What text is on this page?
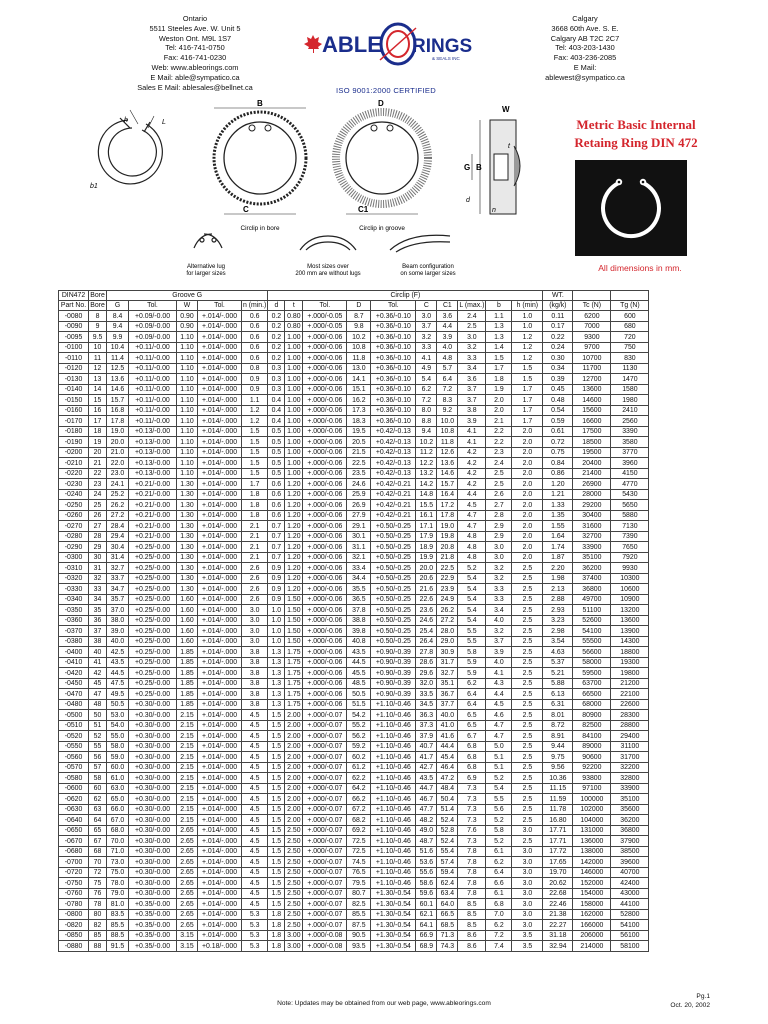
Ontario
5511 Steeles Ave. W. Unit 5
Weston Ont. M9L 1S7
Tel: 416-741-0750
Fax: 416-741-0230
Web: www.ableorings.com
E Mail: able@sympatico.ca
Sales E Mail: ablesales@bellnet.ca
ABLE RINGS
& SEALS INC
ISO 9001:2000 CERTIFIED
Calgary
3668 60th Ave. S. E.
Calgary AB T2C 2C7
Tel: 403-203-1430
Fax: 403-236-2085
E Mail:
ablewest@sympatico.ca
h	L
b1
B
C
Circlip in bore
D
C1
Circlip in groove
W
G B
t
d
n
Alternative lug for larger sizes
Most sizes over 200 mm are without lugs
Beam configuration on some larger sizes
Metric Basic Internal
Retaing Ring DIN 472
All dimensions in mm.
DIN472	Bore	Groove G					Circlip (F)										WT.		
Part No.	Bore	G	Tol.	W	Tol.	n (min.)	d	t	Tol.	D	Tol.	C	C1	L (max.)	b	h (min)	(kg/k)	Tc (N)	Tg (N)
-0080	8	8.4	+0.09/-0.00	0.90	+.014/-.000	0.6	0.2	0.80	+.000/-0.05	8.7	+0.36/-0.10	3.0	3.6	2.4	1.1	1.0	0.11	6200	600
-0090	9	9.4	+0.09/-0.00	0.90	+.014/-.000	0.6	0.2	0.80	+.000/-0.05	9.8	+0.36/-0.10	3.7	4.4	2.5	1.3	1.0	0.17	7000	680
-0095	9.5	9.9	+0.09/-0.00	1.10	+.014/-.000	0.6	0.2	1.00	+.000/-0.06	10.2	+0.36/-0.10	3.2	3.9	3.0	1.3	1.2	0.22	9300	720
-0100	10	10.4	+0.11/-0.00	1.10	+.014/-.000	0.6	0.2	1.00	+.000/-0.06	10.8	+0.36/-0.10	3.3	4.0	3.2	1.4	1.2	0.24	9700	750
-0110	11	11.4	+0.11/-0.00	1.10	+.014/-.000	0.6	0.2	1.00	+.000/-0.06	11.8	+0.36/-0.10	4.1	4.8	3.3	1.5	1.2	0.30	10700	830
-0120	12	12.5	+0.11/-0.00	1.10	+.014/-.000	0.8	0.3	1.00	+.000/-0.06	13.0	+0.36/-0.10	4.9	5.7	3.4	1.7	1.5	0.34	11700	1130
-0130	13	13.6	+0.11/-0.00	1.10	+.014/-.000	0.9	0.3	1.00	+.000/-0.06	14.1	+0.36/-0.10	5.4	6.4	3.6	1.8	1.5	0.39	12700	1470
-0140	14	14.6	+0.11/-0.00	1.10	+.014/-.000	0.9	0.3	1.00	+.000/-0.06	15.1	+0.36/-0.10	6.2	7.2	3.7	1.9	1.7	0.45	13600	1580
-0150	15	15.7	+0.11/-0.00	1.10	+.014/-.000	1.1	0.4	1.00	+.000/-0.06	16.2	+0.36/-0.10	7.2	8.3	3.7	2.0	1.7	0.48	14600	1980
-0160	16	16.8	+0.11/-0.00	1.10	+.014/-.000	1.2	0.4	1.00	+.000/-0.06	17.3	+0.36/-0.10	8.0	9.2	3.8	2.0	1.7	0.54	15600	2410
-0170	17	17.8	+0.11/-0.00	1.10	+.014/-.000	1.2	0.4	1.00	+.000/-0.06	18.3	+0.36/-0.10	8.8	10.0	3.9	2.1	1.7	0.59	16600	2560
-0180	18	19.0	+0.13/-0.00	1.10	+.014/-.000	1.5	0.5	1.00	+.000/-0.06	19.5	+0.42/-0.13	9.4	10.8	4.1	2.2	2.0	0.61	17500	3390
-0190	19	20.0	+0.13/-0.00	1.10	+.014/-.000	1.5	0.5	1.00	+.000/-0.06	20.5	+0.42/-0.13	10.2	11.8	4.1	2.2	2.0	0.72	18500	3580
-0200	20	21.0	+0.13/-0.00	1.10	+.014/-.000	1.5	0.5	1.00	+.000/-0.06	21.5	+0.42/-0.13	11.2	12.6	4.2	2.3	2.0	0.75	19500	3770
-0210	21	22.0	+0.13/-0.00	1.10	+.014/-.000	1.5	0.5	1.00	+.000/-0.06	22.5	+0.42/-0.13	12.2	13.6	4.2	2.4	2.0	0.84	20400	3960
-0220	22	23.0	+0.13/-0.00	1.10	+.014/-.000	1.5	0.5	1.00	+.000/-0.06	23.5	+0.42/-0.13	13.2	14.6	4.2	2.5	2.0	0.86	21400	4150
-0230	23	24.1	+0.21/-0.00	1.30	+.014/-.000	1.7	0.6	1.20	+.000/-0.06	24.6	+0.42/-0.21	14.2	15.7	4.2	2.5	2.0	1.20	26900	4770
-0240	24	25.2	+0.21/-0.00	1.30	+.014/-.000	1.8	0.6	1.20	+.000/-0.06	25.9	+0.42/-0.21	14.8	16.4	4.4	2.6	2.0	1.21	28000	5430
-0250	25	26.2	+0.21/-0.00	1.30	+.014/-.000	1.8	0.6	1.20	+.000/-0.06	26.9	+0.42/-0.21	15.5	17.2	4.5	2.7	2.0	1.33	29200	5650
-0260	26	27.2	+0.21/-0.00	1.30	+.014/-.000	1.8	0.6	1.20	+.000/-0.06	27.9	+0.42/-0.21	16.1	17.8	4.7	2.8	2.0	1.35	30400	5880
-0270	27	28.4	+0.21/-0.00	1.30	+.014/-.000	2.1	0.7	1.20	+.000/-0.06	29.1	+0.50/-0.25	17.1	19.0	4.7	2.9	2.0	1.55	31600	7130
-0280	28	29.4	+0.21/-0.00	1.30	+.014/-.000	2.1	0.7	1.20	+.000/-0.06	30.1	+0.50/-0.25	17.9	19.8	4.8	2.9	2.0	1.64	32700	7390
-0290	29	30.4	+0.25/-0.00	1.30	+.014/-.000	2.1	0.7	1.20	+.000/-0.06	31.1	+0.50/-0.25	18.9	20.8	4.8	3.0	2.0	1.74	33900	7650
-0300	30	31.4	+0.25/-0.00	1.30	+.014/-.000	2.1	0.7	1.20	+.000/-0.06	32.1	+0.50/-0.25	19.9	21.8	4.8	3.0	2.0	1.87	35100	7920
-0310	31	32.7	+0.25/-0.00	1.30	+.014/-.000	2.6	0.9	1.20	+.000/-0.06	33.4	+0.50/-0.25	20.0	22.5	5.2	3.2	2.5	2.20	36200	9930
-0320	32	33.7	+0.25/-0.00	1.30	+.014/-.000	2.6	0.9	1.20	+.000/-0.06	34.4	+0.50/-0.25	20.6	22.9	5.4	3.2	2.5	1.98	37400	10300
-0330	33	34.7	+0.25/-0.00	1.30	+.014/-.000	2.6	0.9	1.20	+.000/-0.06	35.5	+0.50/-0.25	21.6	23.9	5.4	3.3	2.5	2.13	36800	10600
-0340	34	35.7	+0.25/-0.00	1.60	+.014/-.000	2.6	0.9	1.50	+.000/-0.06	36.5	+0.50/-0.25	22.6	24.9	5.4	3.3	2.5	2.88	49700	10900
-0350	35	37.0	+0.25/-0.00	1.60	+.014/-.000	3.0	1.0	1.50	+.000/-0.06	37.8	+0.50/-0.25	23.6	26.2	5.4	3.4	2.5	2.93	51100	13200
-0360	36	38.0	+0.25/-0.00	1.60	+.014/-.000	3.0	1.0	1.50	+.000/-0.06	38.8	+0.50/-0.25	24.6	27.2	5.4	4.0	2.5	3.23	52600	13600
-0370	37	39.0	+0.25/-0.00	1.60	+.014/-.000	3.0	1.0	1.50	+.000/-0.06	39.8	+0.50/-0.25	25.4	28.0	5.5	3.2	2.5	2.98	54100	13900
-0380	38	40.0	+0.25/-0.00	1.60	+.014/-.000	3.0	1.0	1.50	+.000/-0.06	40.8	+0.50/-0.25	26.4	29.0	5.5	3.7	2.5	3.54	55500	14300
-0400	40	42.5	+0.25/-0.00	1.85	+.014/-.000	3.8	1.3	1.75	+.000/-0.06	43.5	+0.90/-0.39	27.8	30.9	5.8	3.9	2.5	4.63	56600	18800
-0410	41	43.5	+0.25/-0.00	1.85	+.014/-.000	3.8	1.3	1.75	+.000/-0.06	44.5	+0.90/-0.39	28.6	31.7	5.9	4.0	2.5	5.37	58000	19300
-0420	42	44.5	+0.25/-0.00	1.85	+.014/-.000	3.8	1.3	1.75	+.000/-0.06	45.5	+0.90/-0.39	29.6	32.7	5.9	4.1	2.5	5.21	59500	19800
-0450	45	47.5	+0.25/-0.00	1.85	+.014/-.000	3.8	1.3	1.75	+.000/-0.06	48.5	+0.90/-0.39	32.0	35.1	6.2	4.3	2.5	5.88	63700	21200
-0470	47	49.5	+0.25/-0.00	1.85	+.014/-.000	3.8	1.3	1.75	+.000/-0.06	50.5	+0.90/-0.39	33.5	36.7	6.4	4.4	2.5	6.13	66500	22100
-0480	48	50.5	+0.30/-0.00	1.85	+.014/-.000	3.8	1.3	1.75	+.000/-0.06	51.5	+1.10/-0.46	34.5	37.7	6.4	4.5	2.5	6.31	68000	22600
-0500	50	53.0	+0.30/-0.00	2.15	+.014/-.000	4.5	1.5	2.00	+.000/-0.07	54.2	+1.10/-0.46	36.3	40.0	6.5	4.6	2.5	8.01	80900	28300
-0510	51	54.0	+0.30/-0.00	2.15	+.014/-.000	4.5	1.5	2.00	+.000/-0.07	55.2	+1.10/-0.46	37.3	41.0	6.5	4.7	2.5	8.72	82500	28800
-0520	52	55.0	+0.30/-0.00	2.15	+.014/-.000	4.5	1.5	2.00	+.000/-0.07	56.2	+1.10/-0.46	37.9	41.6	6.7	4.7	2.5	8.91	84100	29400
-0550	55	58.0	+0.30/-0.00	2.15	+.014/-.000	4.5	1.5	2.00	+.000/-0.07	59.2	+1.10/-0.46	40.7	44.4	6.8	5.0	2.5	9.44	89000	31100
-0560	56	59.0	+0.30/-0.00	2.15	+.014/-.000	4.5	1.5	2.00	+.000/-0.07	60.2	+1.10/-0.46	41.7	45.4	6.8	5.1	2.5	9.75	90600	31700
-0570	57	60.0	+0.30/-0.00	2.15	+.014/-.000	4.5	1.5	2.00	+.000/-0.07	61.2	+1.10/-0.46	42.7	46.4	6.8	5.1	2.5	9.56	92200	32200
-0580	58	61.0	+0.30/-0.00	2.15	+.014/-.000	4.5	1.5	2.00	+.000/-0.07	62.2	+1.10/-0.46	43.5	47.2	6.9	5.2	2.5	10.36	93800	32800
-0600	60	63.0	+0.30/-0.00	2.15	+.014/-.000	4.5	1.5	2.00	+.000/-0.07	64.2	+1.10/-0.46	44.7	48.4	7.3	5.4	2.5	11.15	97100	33900
-0620	62	65.0	+0.30/-0.00	2.15	+.014/-.000	4.5	1.5	2.00	+.000/-0.07	66.2	+1.10/-0.46	46.7	50.4	7.3	5.5	2.5	11.59	100000	35100
-0630	63	66.0	+0.30/-0.00	2.15	+.014/-.000	4.5	1.5	2.00	+.000/-0.07	67.2	+1.10/-0.46	47.7	51.4	7.3	5.6	2.5	11.78	102000	35600
-0640	64	67.0	+0.30/-0.00	2.15	+.014/-.000	4.5	1.5	2.00	+.000/-0.07	68.2	+1.10/-0.46	48.2	52.4	7.3	5.2	2.5	16.80	104000	36200
-0650	65	68.0	+0.30/-0.00	2.65	+.014/-.000	4.5	1.5	2.50	+.000/-0.07	69.2	+1.10/-0.46	49.0	52.8	7.6	5.8	3.0	17.71	131000	36800
-0670	67	70.0	+0.30/-0.00	2.65	+.014/-.000	4.5	1.5	2.50	+.000/-0.07	72.5	+1.10/-0.46	48.7	52.4	7.3	5.2	2.5	17.71	136000	37900
-0680	68	71.0	+0.30/-0.00	2.65	+.014/-.000	4.5	1.5	2.50	+.000/-0.07	72.5	+1.10/-0.46	51.6	55.4	7.8	6.1	3.0	17.72	138000	38500
-0700	70	73.0	+0.30/-0.00	2.65	+.014/-.000	4.5	1.5	2.50	+.000/-0.07	74.5	+1.10/-0.46	53.6	57.4	7.8	6.2	3.0	17.65	142000	39600
-0720	72	75.0	+0.30/-0.00	2.65	+.014/-.000	4.5	1.5	2.50	+.000/-0.07	76.5	+1.10/-0.46	55.6	59.4	7.8	6.4	3.0	19.70	146000	40700
-0750	75	78.0	+0.30/-0.00	2.65	+.014/-.000	4.5	1.5	2.50	+.000/-0.07	79.5	+1.10/-0.46	58.6	62.4	7.8	6.6	3.0	20.62	152000	42400
-0760	76	79.0	+0.30/-0.00	2.65	+.014/-.000	4.5	1.5	2.50	+.000/-0.07	80.7	+1.30/-0.54	59.6	63.4	7.8	6.1	3.0	22.68	154000	43000
-0780	78	81.0	+0.35/-0.00	2.65	+.014/-.000	4.5	1.5	2.50	+.000/-0.07	82.5	+1.30/-0.54	60.1	64.0	8.5	6.8	3.0	22.46	158000	44100
-0800	80	83.5	+0.35/-0.00	2.65	+.014/-.000	5.3	1.8	2.50	+.000/-0.07	85.5	+1.30/-0.54	62.1	66.5	8.5	7.0	3.0	21.38	162000	52800
-0820	82	85.5	+0.35/-0.00	2.65	+.014/-.000	5.3	1.8	2.50	+.000/-0.07	87.5	+1.30/-0.54	64.1	68.5	8.5	6.2	3.0	22.27	166000	54100
-0850	85	88.5	+0.35/-0.00	3.15	+.014/-.000	5.3	1.8	3.00	+.000/-0.08	90.5	+1.30/-0.54	66.9	71.3	8.6	7.2	3.5	31.18	206000	56100
-0880	88	91.5	+0.35/-0.00	3.15	+0.18/-.000	5.3	1.8	3.00	+.000/-0.08	93.5	+1.30/-0.54	68.9	74.3	8.6	7.4	3.5	32.94	214000	58100
Note: Updates may be obtained from our web page, www.ableorings.com
Pg.1
Oct. 20, 2002
